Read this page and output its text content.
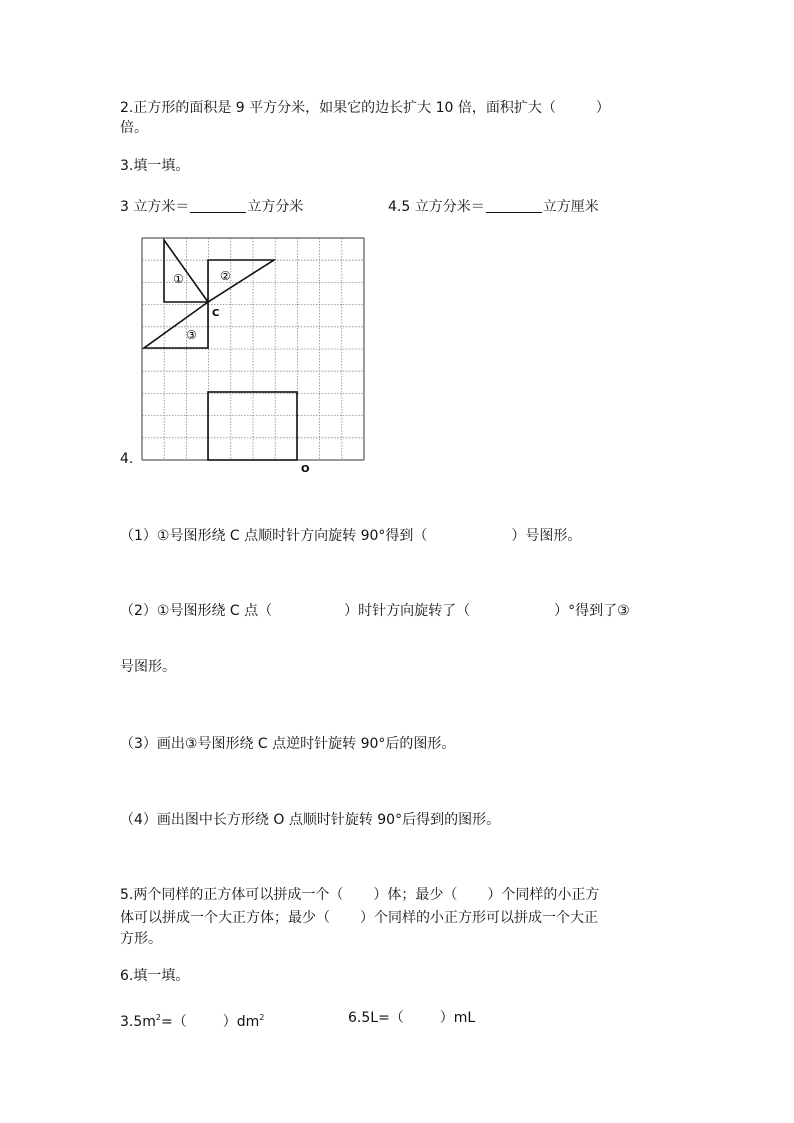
2.正方形的面积是 9 平方分米，如果它的边长扩大 10 倍，面积扩大（	）
倍。
3.填一填。
3 立方米＝	立方分米	4.5 立方分米＝	立方厘米
4.
①	②
③
C
O
（1）①号图形绕 C 点顺时针方向旋转 90°得到（	）号图形。
（2）①号图形绕 C 点（	）时针方向旋转了（	）°得到了③
号图形。
（3）画出③号图形绕 C 点逆时针旋转 90°后的图形。
（4）画出图中长方形绕 O 点顺时针旋转 90°后得到的图形。
5.两个同样的正方体可以拼成一个（ ）体；最少（ ）个同样的小正方
体可以拼成一个大正方体；最少（ ）个同样的小正方形可以拼成一个大正
方形。
6.填一填。
$3.5m^2=$（	）$dm^2$	6.5L=（	）mL
